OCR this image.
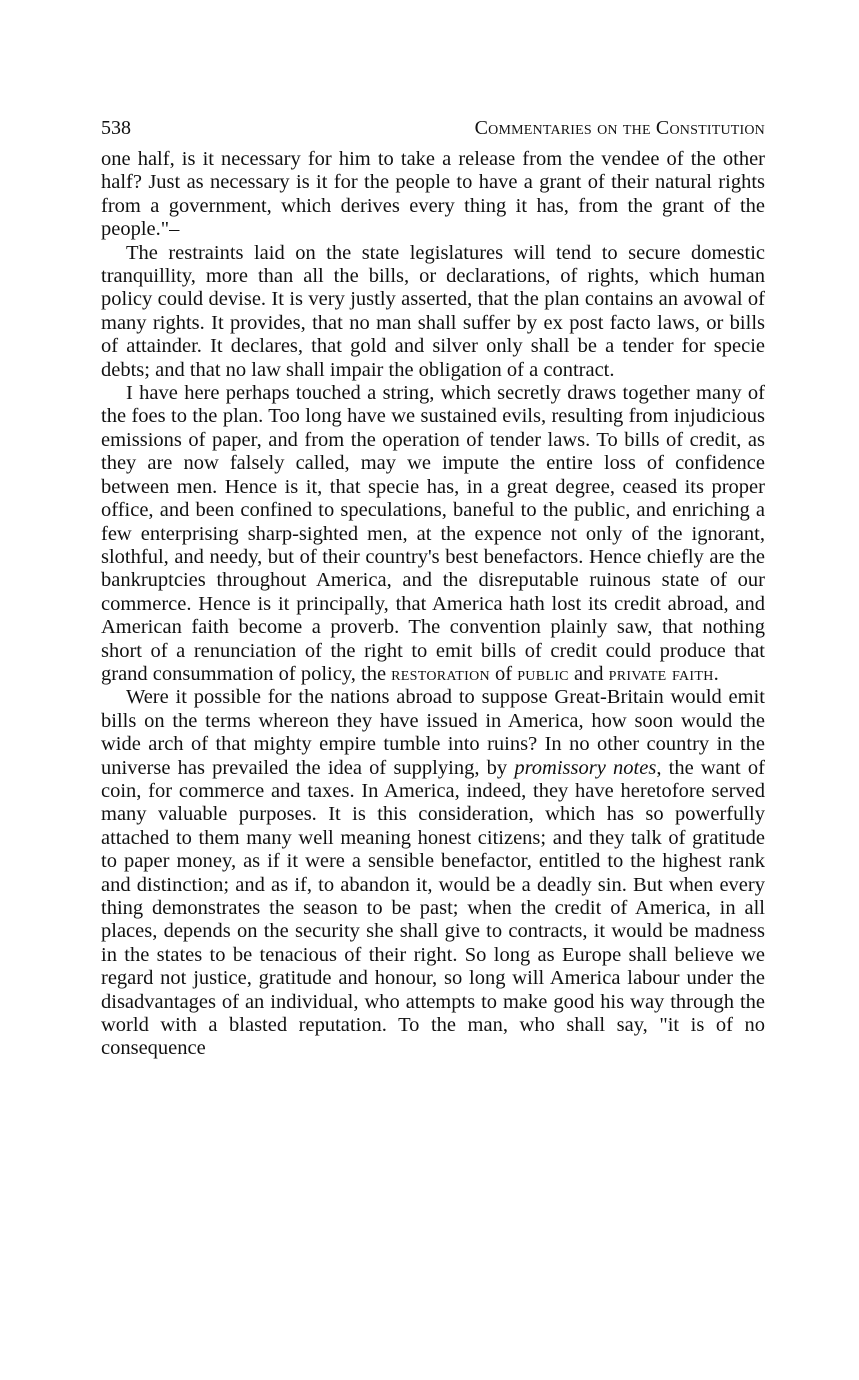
538	Commentaries on the Constitution

one half, is it necessary for him to take a release from the vendee of the other half? Just as necessary is it for the people to have a grant of their natural rights from a government, which derives every thing it has, from the grant of the people."–

The restraints laid on the state legislatures will tend to secure domestic tranquillity, more than all the bills, or declarations, of rights, which human policy could devise. It is very justly asserted, that the plan contains an avowal of many rights. It provides, that no man shall suffer by ex post facto laws, or bills of attainder. It declares, that gold and silver only shall be a tender for specie debts; and that no law shall impair the obligation of a contract.

I have here perhaps touched a string, which secretly draws together many of the foes to the plan. Too long have we sustained evils, resulting from injudicious emissions of paper, and from the operation of tender laws. To bills of credit, as they are now falsely called, may we impute the entire loss of confidence between men. Hence is it, that specie has, in a great degree, ceased its proper office, and been confined to speculations, baneful to the public, and enriching a few enterprising sharp-sighted men, at the expence not only of the ignorant, slothful, and needy, but of their country's best benefactors. Hence chiefly are the bankruptcies throughout America, and the disreputable ruinous state of our commerce. Hence is it principally, that America hath lost its credit abroad, and American faith become a proverb. The convention plainly saw, that nothing short of a renunciation of the right to emit bills of credit could produce that grand consummation of policy, the restoration of public and private faith.

Were it possible for the nations abroad to suppose Great-Britain would emit bills on the terms whereon they have issued in America, how soon would the wide arch of that mighty empire tumble into ruins? In no other country in the universe has prevailed the idea of supplying, by promissory notes, the want of coin, for commerce and taxes. In America, indeed, they have heretofore served many valuable purposes. It is this consideration, which has so powerfully attached to them many well meaning honest citizens; and they talk of gratitude to paper money, as if it were a sensible benefactor, entitled to the highest rank and distinction; and as if, to abandon it, would be a deadly sin. But when every thing demonstrates the season to be past; when the credit of America, in all places, depends on the security she shall give to contracts, it would be madness in the states to be tenacious of their right. So long as Europe shall believe we regard not justice, gratitude and honour, so long will America labour under the disadvantages of an individual, who attempts to make good his way through the world with a blasted reputation. To the man, who shall say, "it is of no consequence
